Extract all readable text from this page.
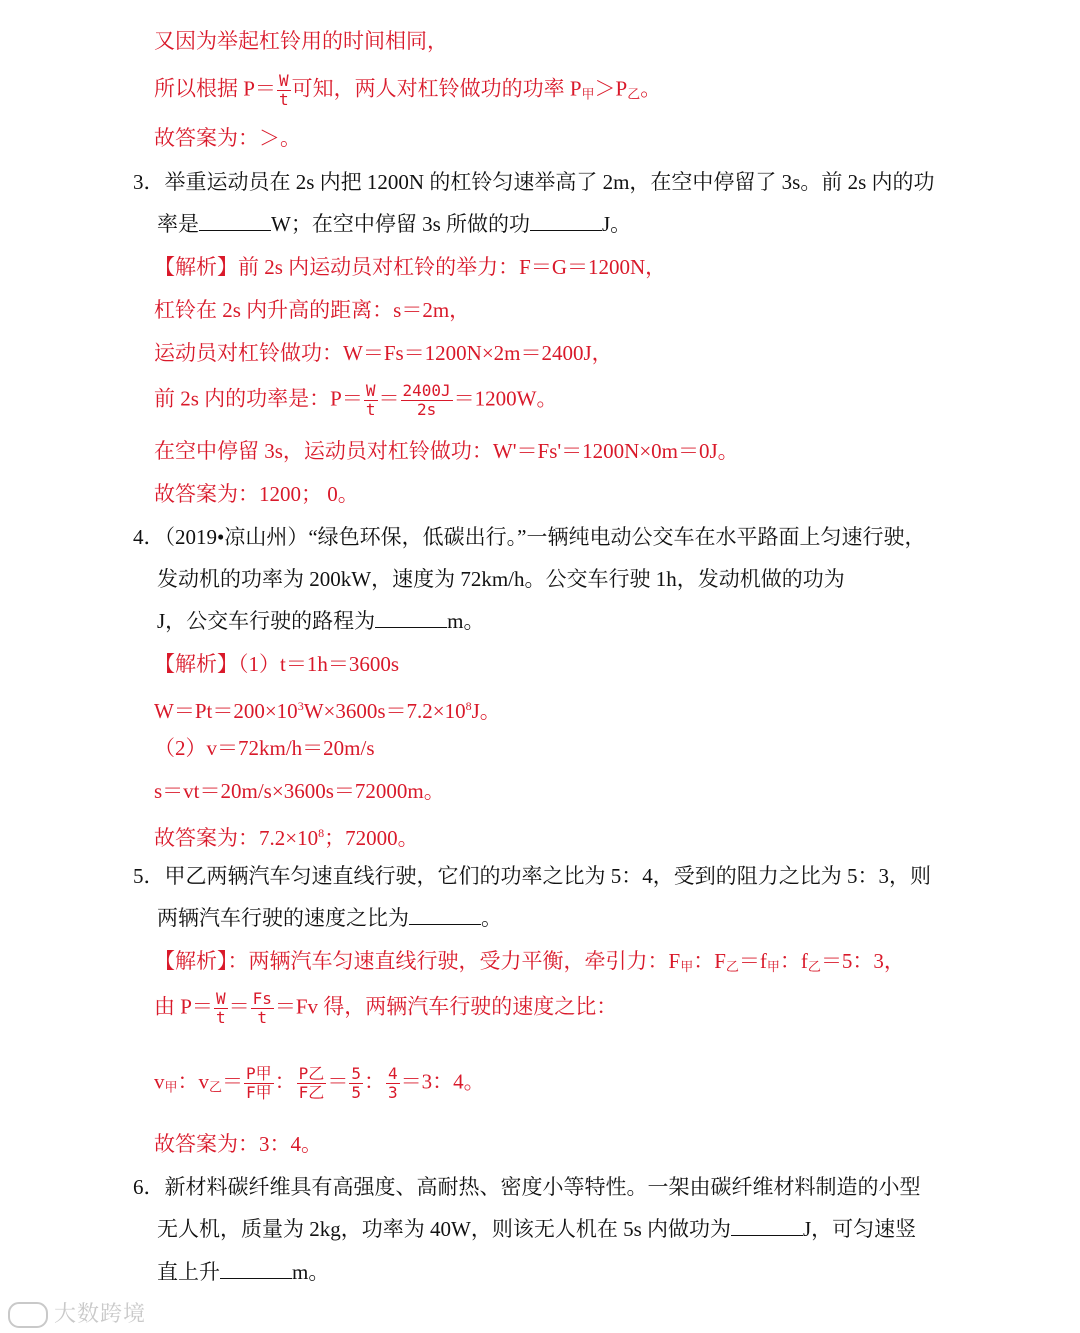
又因为举起杠铃用的时间相同，
所以根据 $P= \frac{W}{t}$ 可知，两人对杠铃做功的功率 $P_甲>P_乙$。
故答案为：＞。
3．举重运动员在 2s 内把 1200N 的杠铃匀速举高了 2m，在空中停留了 3s。前 2s 内的功
率是	W；在空中停留 3s 所做的功	J。
【解析】前 2s 内运动员对杠铃的举力：F＝G＝1200N，
杠铃在 2s 内升高的距离：s＝2m，
运动员对杠铃做功：W＝Fs＝1200N×2m＝2400J，
前 2s 内的功率是：$P= \frac{W}{t} = \frac{2400J}{2s} =1200W$。
在空中停留 3s，运动员对杠铃做功：W'＝Fs'＝1200N×0m＝0J。
故答案为：1200； 0。
4．（2019•凉山州）“绿色环保，低碳出行。”一辆纯电动公交车在水平路面上匀速行驶，
发动机的功率为 200kW，速度为 72km/h。公交车行驶 1h，发动机做的功为
J，公交车行驶的路程为	m。
【解析】（1）t＝1h＝3600s
$W=Pt=200\times 10^3W\times 3600s=7.2\times 10^8J$。
（2）v＝72km/h＝20m/s
s＝vt＝20m/s×3600s＝72000m。
故答案为：$7.2\times 10^8$；72000。
5．甲乙两辆汽车匀速直线行驶，它们的功率之比为 5：4，受到的阻力之比为 5：3，则
两辆汽车行驶的速度之比为	。
【解析】：两辆汽车匀速直线行驶，受力平衡，牵引力：$F_甲$：$F_乙=f_甲$：$f_乙=5$：3，
由 $P= \frac{W}{t} = \frac{Fs}{t} =Fv$ 得，两辆汽车行驶的速度之比：
$v_甲$：$v_乙= \frac{\text{P甲}}{\text{F甲}}$ ： $\frac{\text{P乙}}{\text{F乙}} = \frac{5}{5}$ ： $\frac{4}{3} =3$：4。
故答案为：3：4。
6．新材料碳纤维具有高强度、高耐热、密度小等特性。一架由碳纤维材料制造的小型
无人机，质量为 2kg，功率为 40W，则该无人机在 5s 内做功为	J，可匀速竖
直上升	m。
大数跨境
